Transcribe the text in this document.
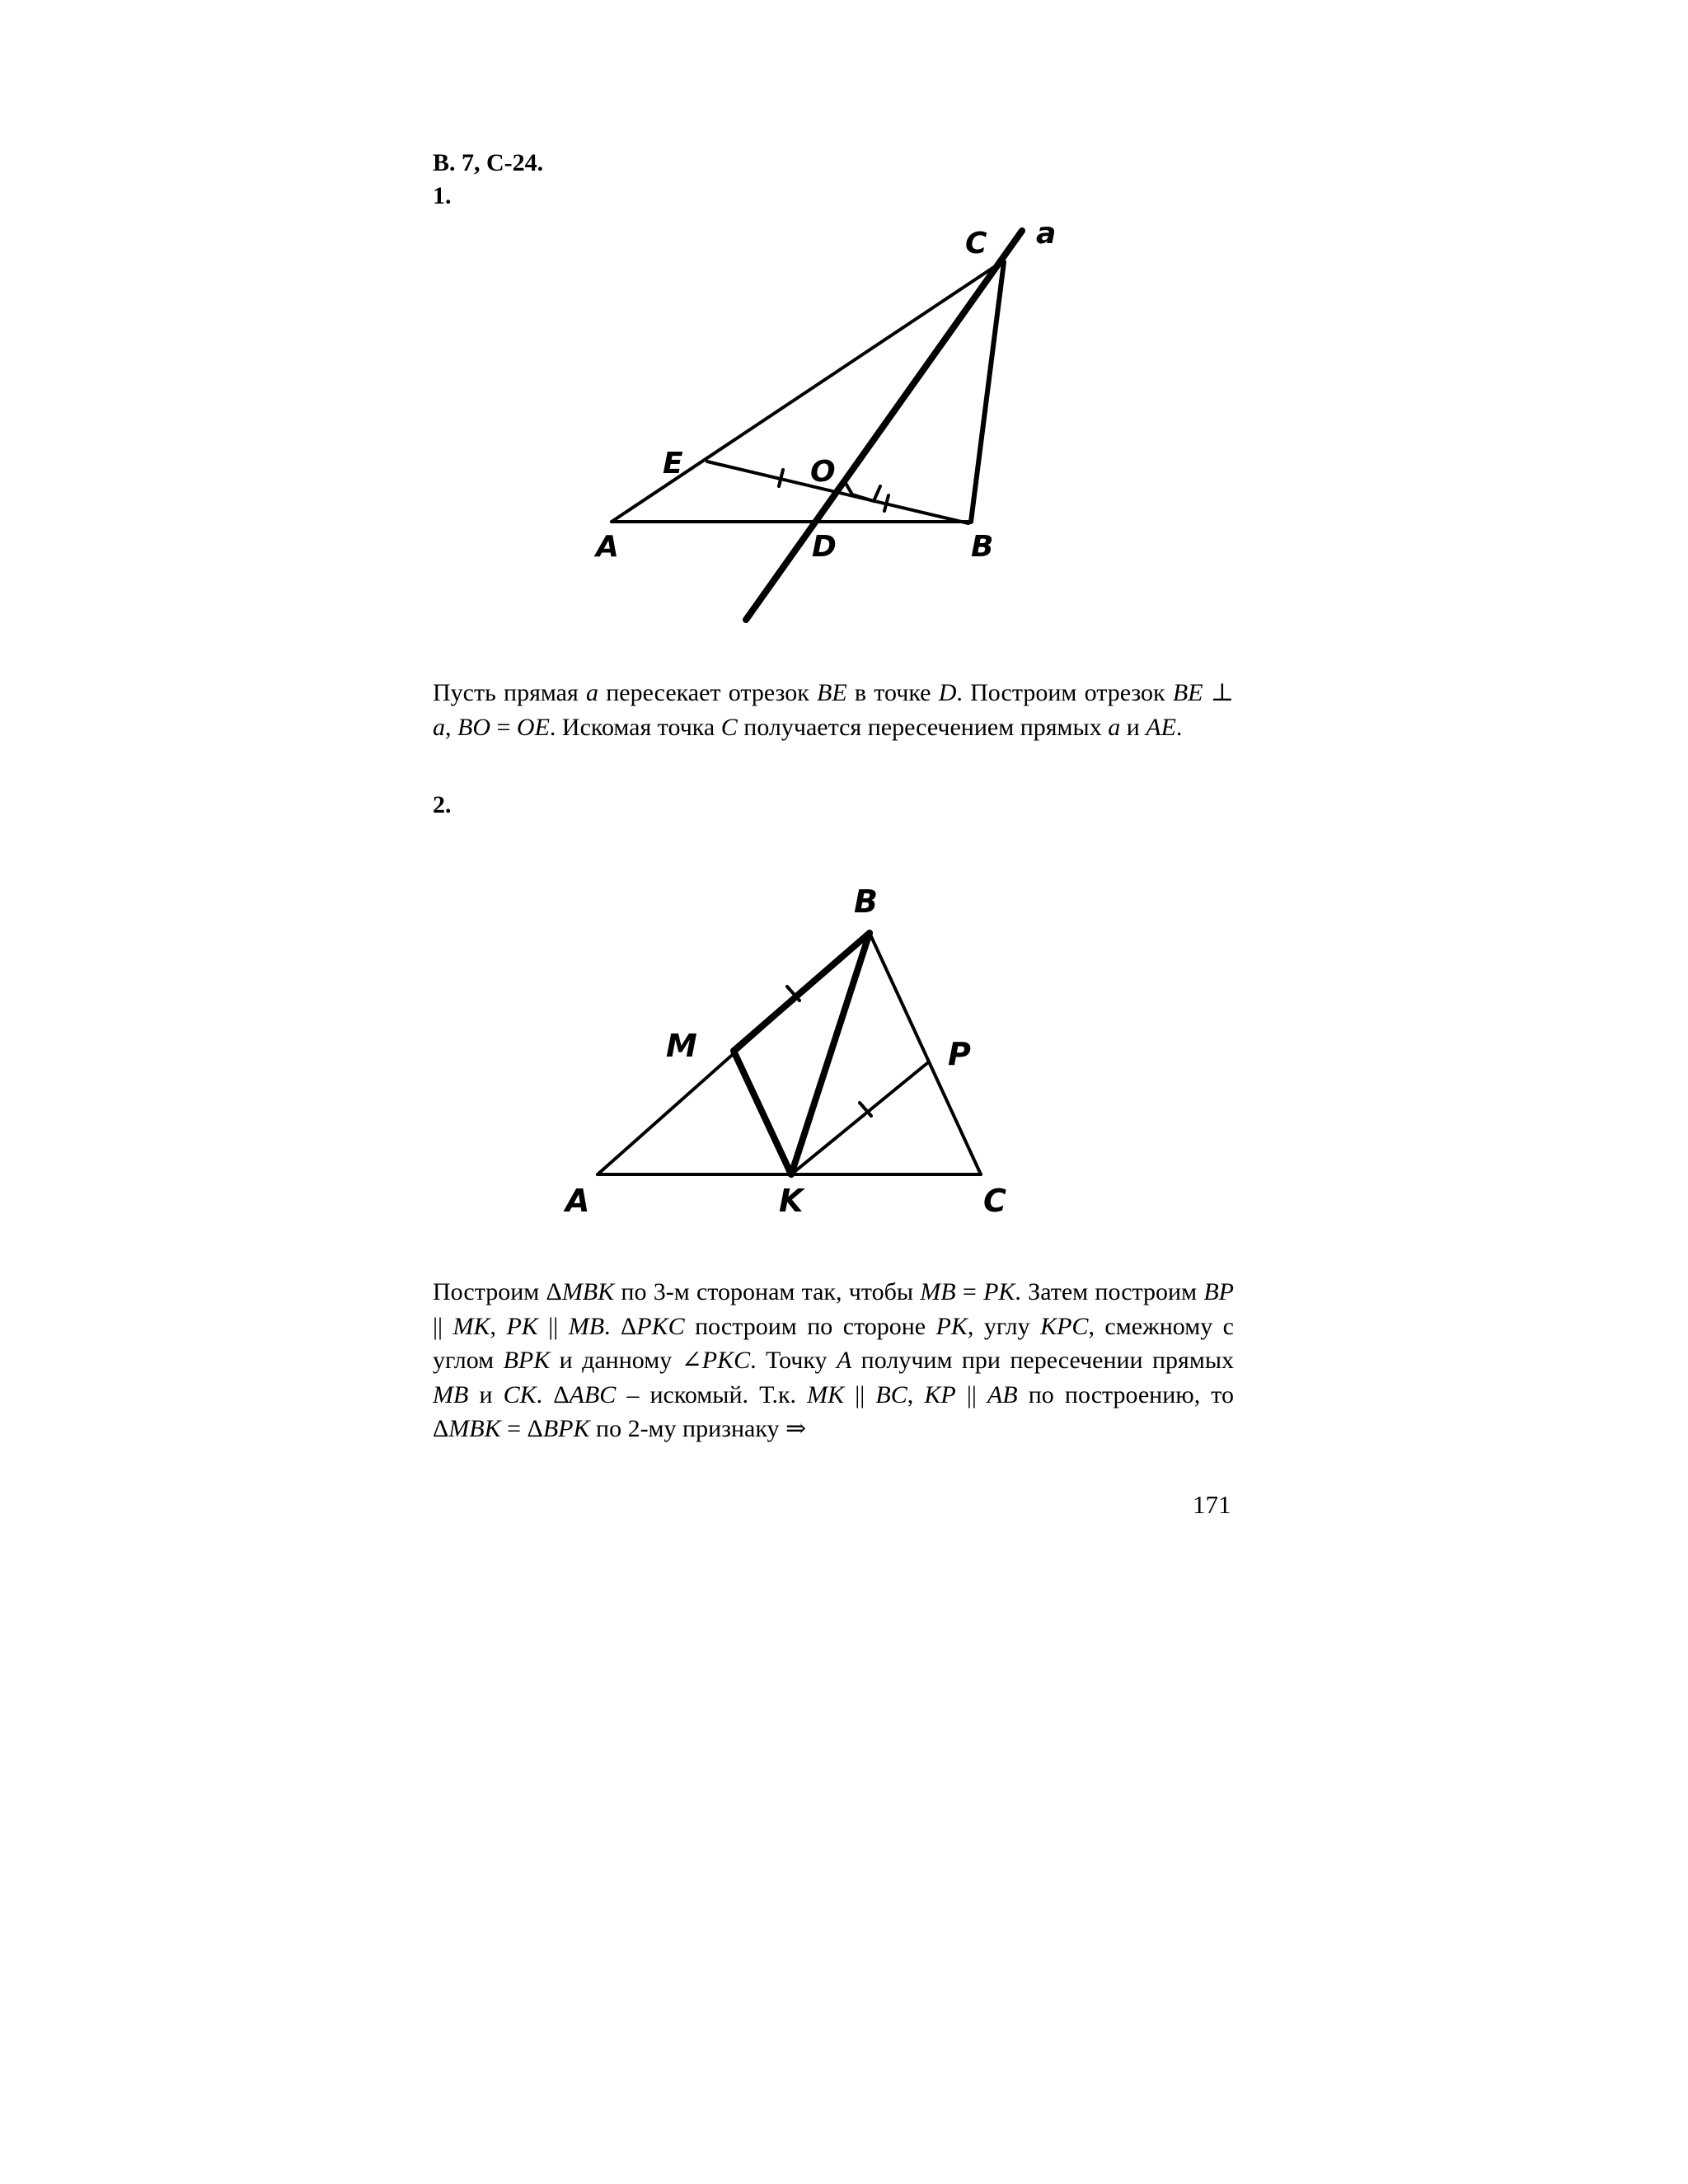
В. 7, С-24.
1.
C a
E	O
A	D	B
Пусть прямая a пересекает отрезок BE в точке D. Построим отрезок BE ⊥ a, BO = OE. Искомая точка C получается пересечением прямых a и AE.
2.
B
M	P
A	K	C
Построим ΔMBK по 3-м сторонам так, чтобы MB = PK. Затем построим BP || MK, PK || MB. ΔPKC построим по стороне PK, углу KPC, смежному с углом BPK и данному ∠PKC. Точку A получим при пересечении прямых MB и CK. ΔABC – искомый. Т.к. MK || BC, KP || AB по построению, то ΔMBK = ΔBPK по 2-му признаку ⇒
171
